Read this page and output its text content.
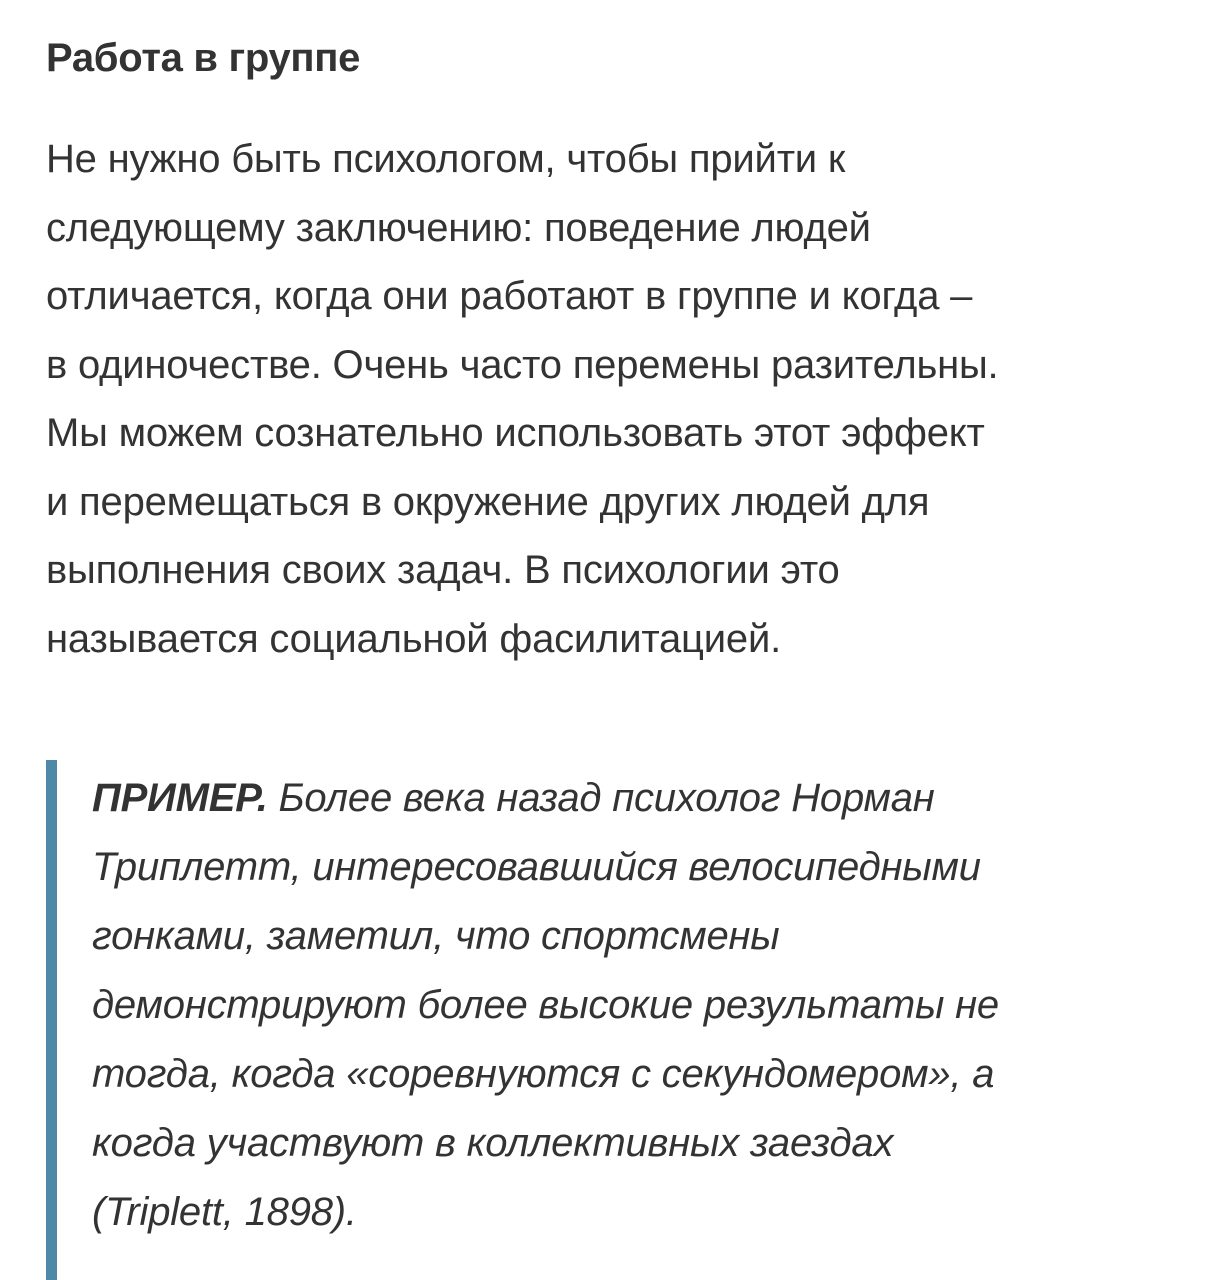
Работа в группе
Не нужно быть психологом, чтобы прийти к
следующему заключению: поведение людей
отличается, когда они работают в группе и когда –
в одиночестве. Очень часто перемены разительны.
Мы можем сознательно использовать этот эффект
и перемещаться в окружение других людей для
выполнения своих задач. В психологии это
называется социальной фасилитацией.
ПРИМЕР. Более века назад психолог Норман
Триплетт, интересовавшийся велосипедными
гонками, заметил, что спортсмены
демонстрируют более высокие результаты не
тогда, когда «соревнуются с секундомером», а
когда участвуют в коллективных заездах
(Triplett, 1898).
